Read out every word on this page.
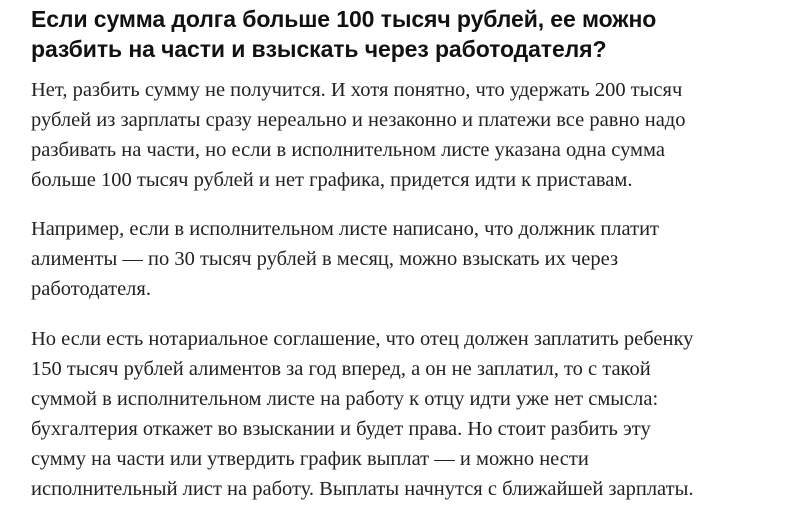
Если сумма долга больше 100 тысяч рублей, ее можно
разбить на части и взыскать через работодателя?

Нет, разбить сумму не получится. И хотя понятно, что удержать 200 тысяч
рублей из зарплаты сразу нереально и незаконно и платежи все равно надо
разбивать на части, но если в исполнительном листе указана одна сумма
больше 100 тысяч рублей и нет графика, придется идти к приставам.

Например, если в исполнительном листе написано, что должник платит
алименты — по 30 тысяч рублей в месяц, можно взыскать их через
работодателя.

Но если есть нотариальное соглашение, что отец должен заплатить ребенку
150 тысяч рублей алиментов за год вперед, а он не заплатил, то с такой
суммой в исполнительном листе на работу к отцу идти уже нет смысла:
бухгалтерия откажет во взыскании и будет права. Но стоит разбить эту
сумму на части или утвердить график выплат — и можно нести
исполнительный лист на работу. Выплаты начнутся с ближайшей зарплаты.
